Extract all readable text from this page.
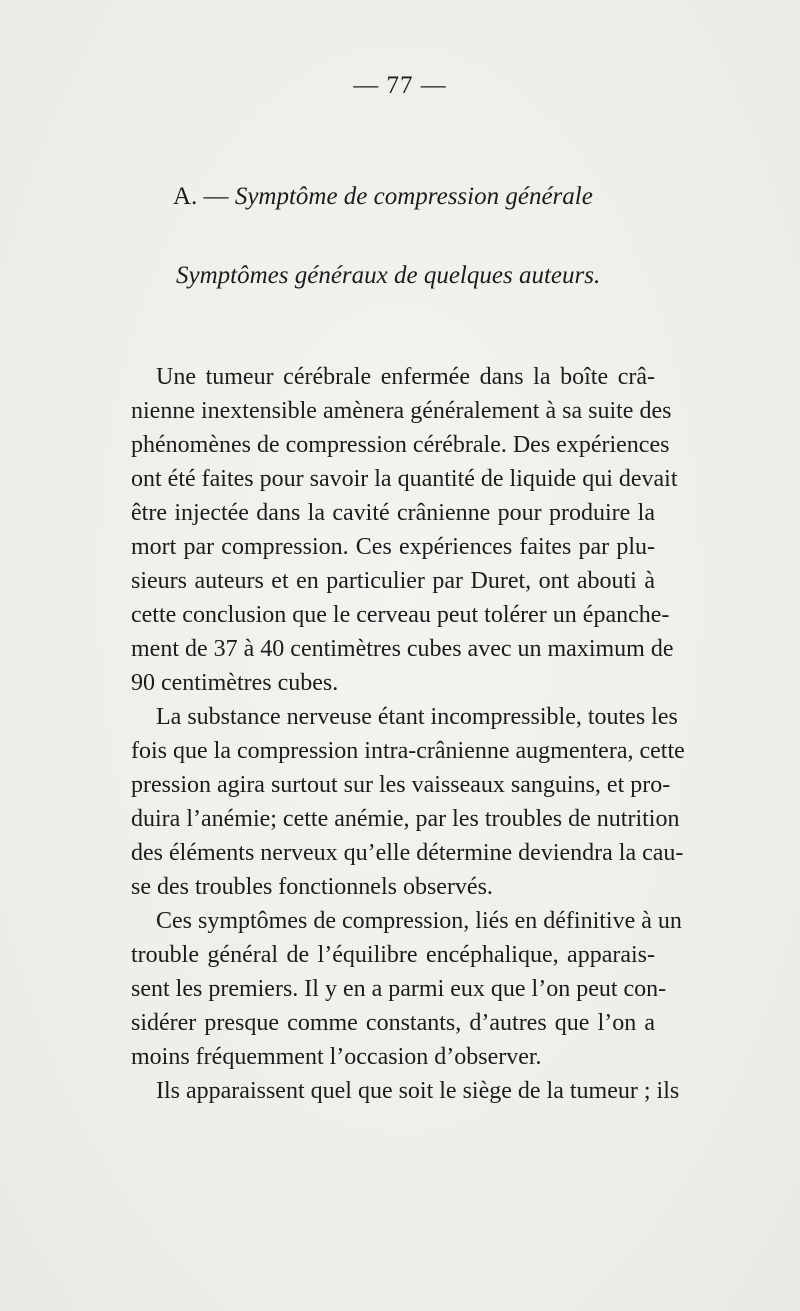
— 77 —
A. — Symptôme de compression générale
Symptômes généraux de quelques auteurs.
Une tumeur cérébrale enfermée dans la boîte crâ-
nienne inextensible amènera généralement à sa suite des
phénomènes de compression cérébrale. Des expériences
ont été faites pour savoir la quantité de liquide qui devait
être injectée dans la cavité crânienne pour produire la
mort par compression. Ces expériences faites par plu-
sieurs auteurs et en particulier par Duret, ont abouti à
cette conclusion que le cerveau peut tolérer un épanche-
ment de 37 à 40 centimètres cubes avec un maximum de
90 centimètres cubes.
La substance nerveuse étant incompressible, toutes les
fois que la compression intra-crânienne augmentera, cette
pression agira surtout sur les vaisseaux sanguins, et pro-
duira l’anémie; cette anémie, par les troubles de nutrition
des éléments nerveux qu’elle détermine deviendra la cau-
se des troubles fonctionnels observés.
Ces symptômes de compression, liés en définitive à un
trouble général de l’équilibre encéphalique, apparais-
sent les premiers. Il y en a parmi eux que l’on peut con-
sidérer presque comme constants, d’autres que l’on a
moins fréquemment l’occasion d’observer.
Ils apparaissent quel que soit le siège de la tumeur ; ils
